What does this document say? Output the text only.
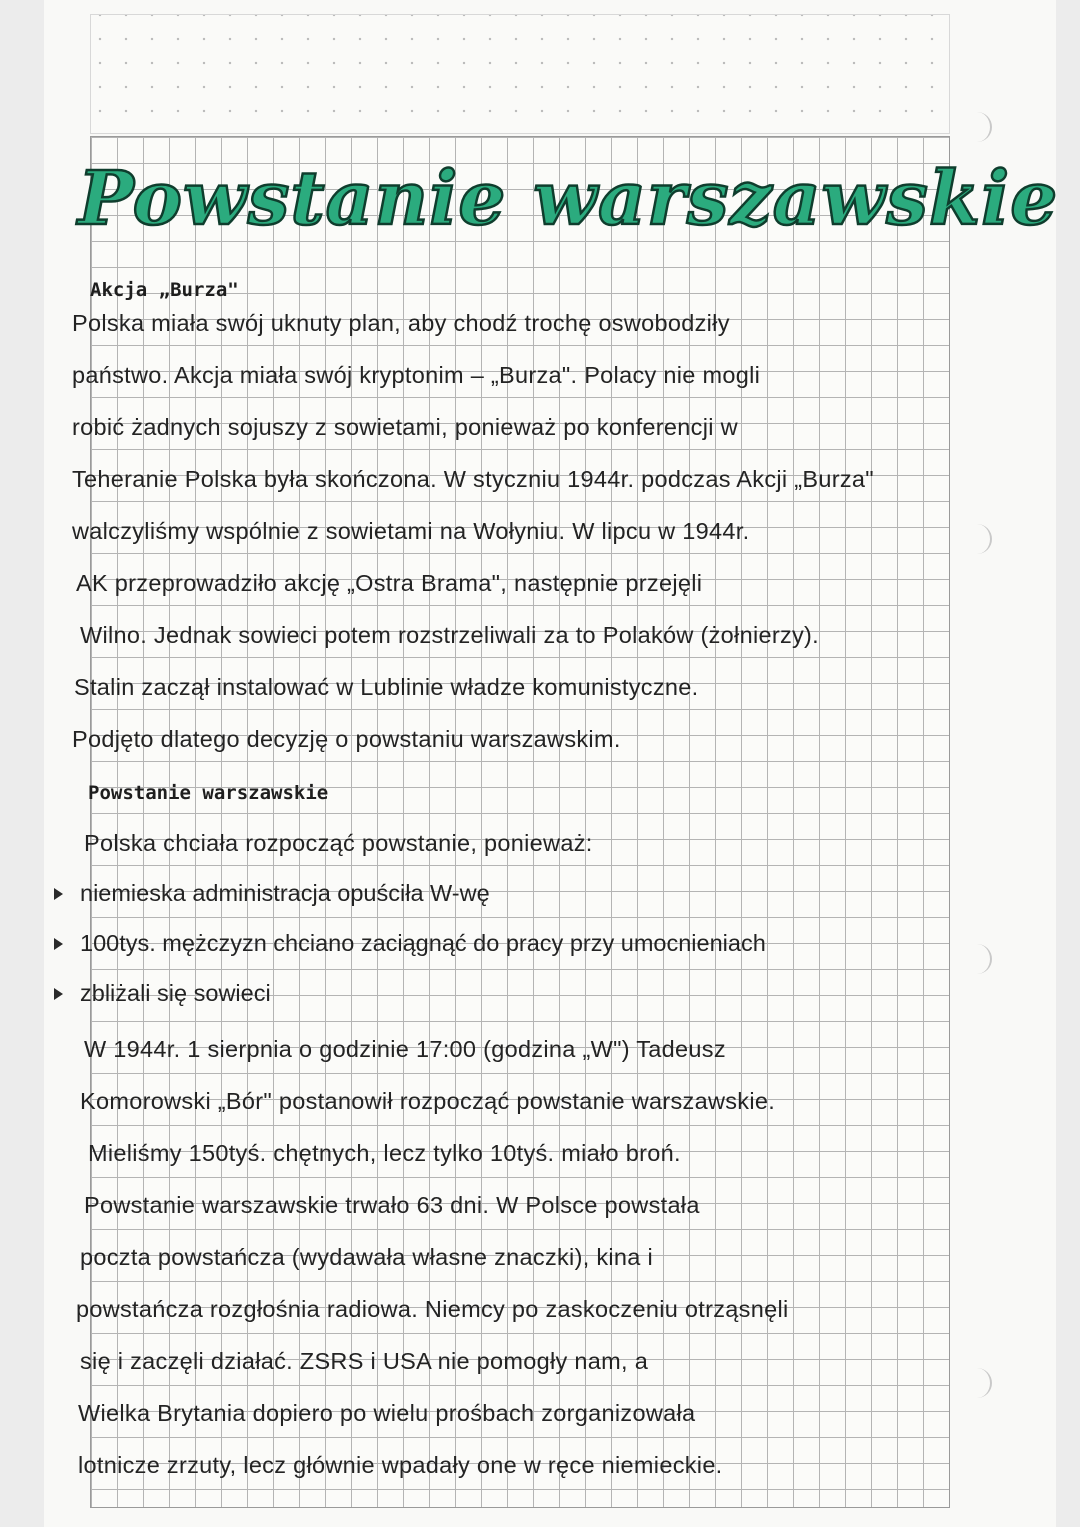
Powstanie warszawskie
Akcja „Burza"

Polska miała swój uknuty plan, aby chodź trochę oswobodziły

państwo. Akcja miała swój kryptonim – „Burza". Polacy nie mogli

robić żadnych sojuszy z sowietami, ponieważ po konferencji w

Teheranie Polska była skończona. W styczniu 1944r. podczas Akcji „Burza"

walczyliśmy wspólnie z sowietami na Wołyniu. W lipcu w 1944r.

AK przeprowadziło akcję „Ostra Brama", następnie przejęli

Wilno. Jednak sowieci potem rozstrzeliwali za to Polaków (żołnierzy).

Stalin zaczął instalować w Lublinie władze komunistyczne.

Podjęto dlatego decyzję o powstaniu warszawskim.

Powstanie warszawskie

Polska chciała rozpocząć powstanie, ponieważ:

niemieska administracja opuściła W-wę
100tys. mężczyzn chciano zaciągnąć do pracy przy umocnieniach
zbliżali się sowieci

W 1944r. 1 sierpnia o godzinie 17:00 (godzina „W") Tadeusz

Komorowski „Bór" postanowił rozpocząć powstanie warszawskie.

Mieliśmy 150tyś. chętnych, lecz tylko 10tyś. miało broń.

Powstanie warszawskie trwało 63 dni. W Polsce powstała

poczta powstańcza (wydawała własne znaczki), kina i

powstańcza rozgłośnia radiowa. Niemcy po zaskoczeniu otrząsnęli

się i zaczęli działać. ZSRS i USA nie pomogły nam, a

Wielka Brytania dopiero po wielu prośbach zorganizowała

lotnicze zrzuty, lecz głównie wpadały one w ręce niemieckie.
